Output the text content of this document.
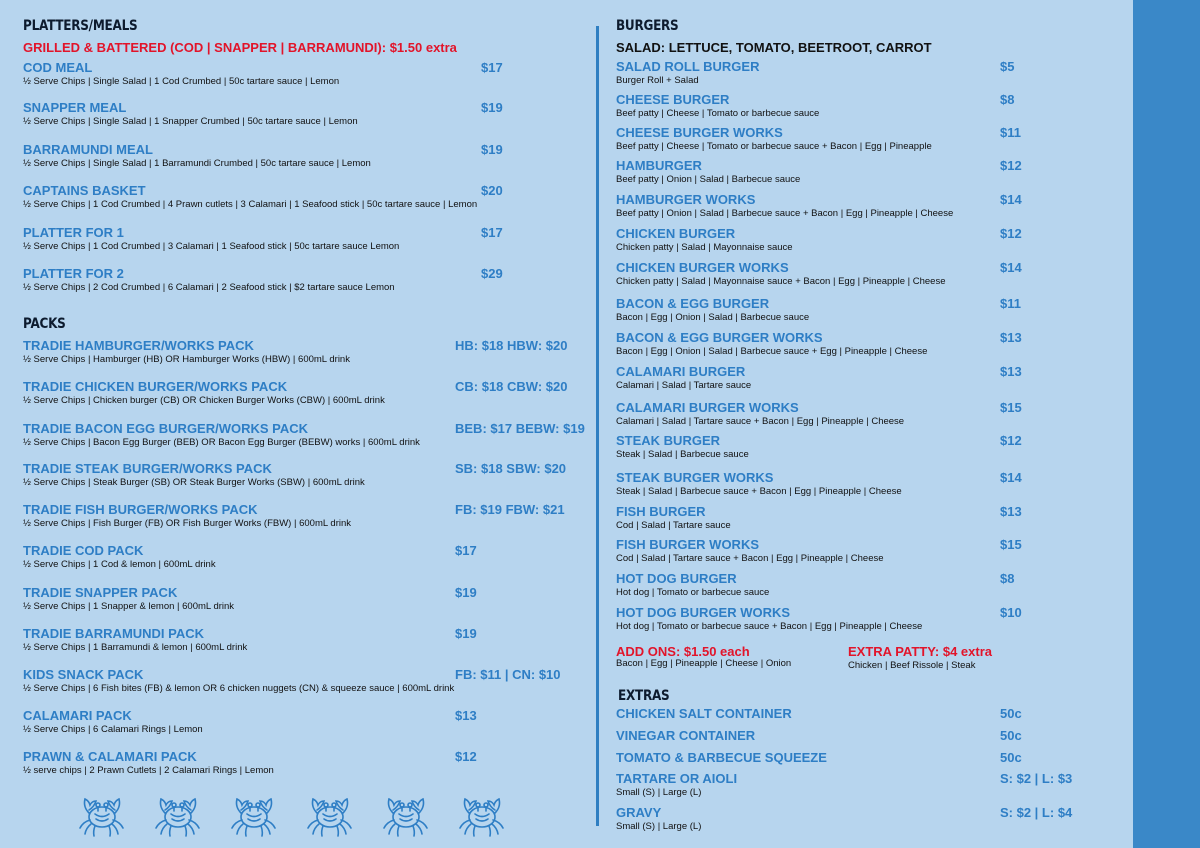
PLATTERS/MEALS
GRILLED & BATTERED (COD | SNAPPER | BARRAMUNDI): $1.50 extra
COD MEAL	$17
½ Serve Chips | Single Salad | 1 Cod Crumbed | 50c tartare sauce | Lemon
SNAPPER MEAL	$19
½ Serve Chips | Single Salad | 1 Snapper Crumbed | 50c tartare sauce | Lemon
BARRAMUNDI MEAL	$19
½ Serve Chips | Single Salad | 1 Barramundi Crumbed | 50c tartare sauce | Lemon
CAPTAINS BASKET	$20
½ Serve Chips | 1 Cod Crumbed | 4 Prawn cutlets | 3 Calamari | 1 Seafood stick | 50c tartare sauce | Lemon
PLATTER FOR 1	$17
½ Serve Chips | 1 Cod Crumbed | 3 Calamari | 1 Seafood stick | 50c tartare sauce Lemon
PLATTER FOR 2	$29
½ Serve Chips | 2 Cod Crumbed | 6 Calamari | 2 Seafood stick | $2 tartare sauce Lemon
PACKS
TRADIE HAMBURGER/WORKS PACK	HB: $18 HBW: $20
½ Serve Chips | Hamburger (HB) OR Hamburger Works (HBW) | 600mL drink
TRADIE CHICKEN BURGER/WORKS PACK	CB: $18 CBW: $20
½ Serve Chips | Chicken burger (CB) OR Chicken Burger Works (CBW) | 600mL drink
TRADIE BACON EGG BURGER/WORKS PACK	BEB: $17 BEBW: $19
½ Serve Chips | Bacon Egg Burger (BEB) OR Bacon Egg Burger (BEBW) works | 600mL drink
TRADIE STEAK BURGER/WORKS PACK	SB: $18 SBW: $20
½ Serve Chips | Steak Burger (SB) OR Steak Burger Works (SBW) | 600mL drink
TRADIE FISH BURGER/WORKS PACK	FB: $19 FBW: $21
½ Serve Chips | Fish Burger (FB) OR Fish Burger Works (FBW) | 600mL drink
TRADIE COD PACK	$17
½ Serve Chips | 1 Cod & lemon | 600mL drink
TRADIE SNAPPER PACK	$19
½ Serve Chips | 1 Snapper & lemon | 600mL drink
TRADIE BARRAMUNDI PACK	$19
½ Serve Chips | 1 Barramundi & lemon | 600mL drink
KIDS SNACK PACK	FB: $11 | CN: $10
½ Serve Chips | 6 Fish bites (FB) & lemon OR 6 chicken nuggets (CN) & squeeze sauce | 600mL drink
CALAMARI PACK	$13
½ Serve Chips | 6 Calamari Rings | Lemon
PRAWN & CALAMARI PACK	$12
½ serve chips | 2 Prawn Cutlets | 2 Calamari Rings | Lemon
BURGERS
SALAD: LETTUCE, TOMATO, BEETROOT, CARROT
SALAD ROLL BURGER	$5
Burger Roll + Salad
CHEESE BURGER	$8
Beef patty | Cheese | Tomato or barbecue sauce
CHEESE BURGER WORKS	$11
Beef patty | Cheese | Tomato or barbecue sauce + Bacon | Egg | Pineapple
HAMBURGER	$12
Beef patty | Onion | Salad | Barbecue sauce
HAMBURGER WORKS	$14
Beef patty | Onion | Salad | Barbecue sauce + Bacon | Egg | Pineapple | Cheese
CHICKEN BURGER	$12
Chicken patty | Salad | Mayonnaise sauce
CHICKEN BURGER WORKS	$14
Chicken patty | Salad | Mayonnaise sauce + Bacon | Egg | Pineapple | Cheese
BACON & EGG BURGER	$11
Bacon | Egg | Onion | Salad | Barbecue sauce
BACON & EGG BURGER WORKS	$13
Bacon | Egg | Onion | Salad | Barbecue sauce + Egg | Pineapple | Cheese
CALAMARI BURGER	$13
Calamari | Salad | Tartare sauce
CALAMARI BURGER WORKS	$15
Calamari | Salad | Tartare sauce + Bacon | Egg | Pineapple | Cheese
STEAK BURGER	$12
Steak | Salad | Barbecue sauce
STEAK BURGER WORKS	$14
Steak | Salad | Barbecue sauce + Bacon | Egg | Pineapple | Cheese
FISH BURGER	$13
Cod | Salad | Tartare sauce
FISH BURGER WORKS	$15
Cod | Salad | Tartare sauce + Bacon | Egg | Pineapple | Cheese
HOT DOG BURGER	$8
Hot dog | Tomato or barbecue sauce
HOT DOG BURGER WORKS	$10
Hot dog | Tomato or barbecue sauce + Bacon | Egg | Pineapple | Cheese
ADD ONS: $1.50 each
Bacon | Egg | Pineapple | Cheese | Onion
EXTRA PATTY: $4 extra
Chicken | Beef Rissole | Steak
EXTRAS
CHICKEN SALT CONTAINER	50c
VINEGAR CONTAINER	50c
TOMATO & BARBECUE SQUEEZE	50c
TARTARE OR AIOLI	S: $2 | L: $3
Small (S) | Large (L)
GRAVY	S: $2 | L: $4
Small (S) | Large (L)
